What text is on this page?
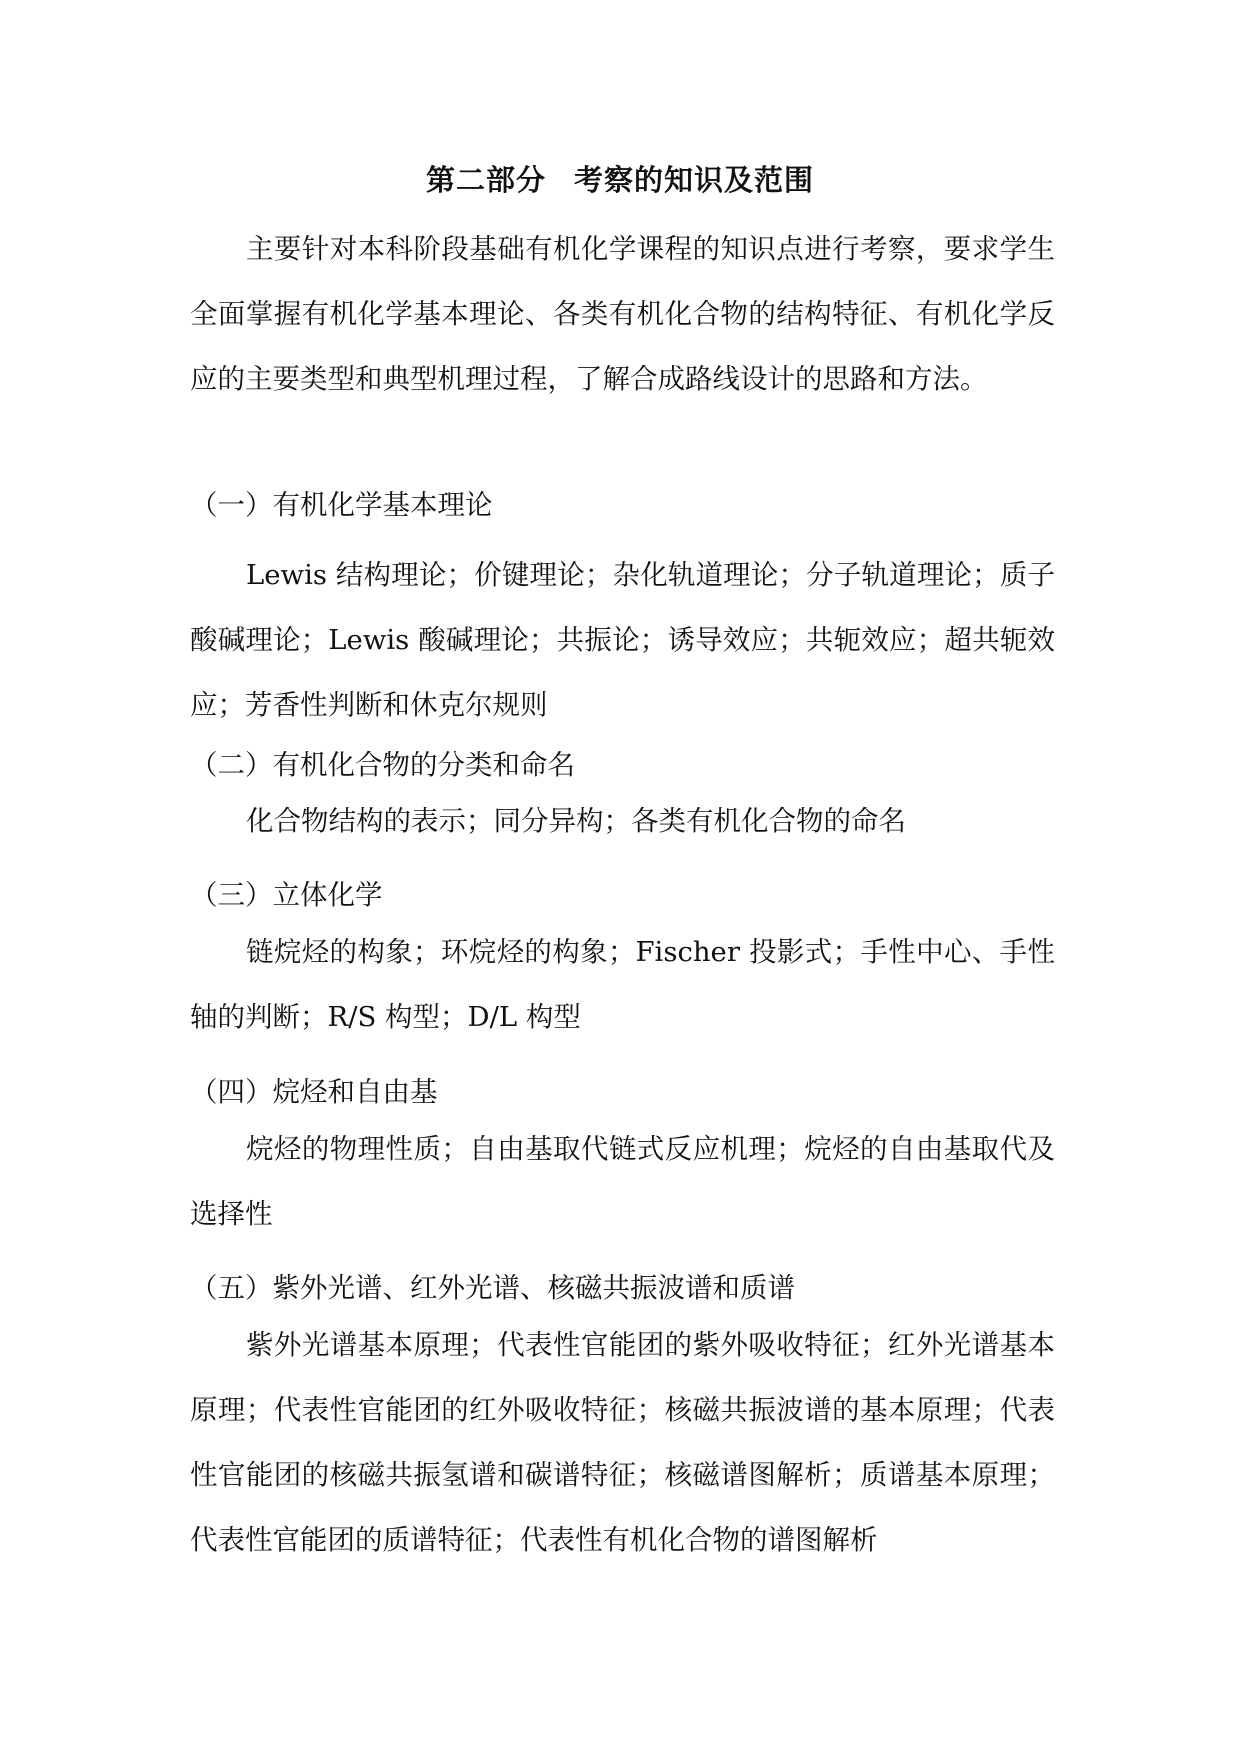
第二部分 考察的知识及范围
主要针对本科阶段基础有机化学课程的知识点进行考察，要求学生全面掌握有机化学基本理论、各类有机化合物的结构特征、有机化学反应的主要类型和典型机理过程，了解合成路线设计的思路和方法。
（一）有机化学基本理论
Lewis 结构理论；价键理论；杂化轨道理论；分子轨道理论；质子酸碱理论；Lewis 酸碱理论；共振论；诱导效应；共轭效应；超共轭效应；芳香性判断和休克尔规则
（二）有机化合物的分类和命名
化合物结构的表示；同分异构；各类有机化合物的命名
（三）立体化学
链烷烃的构象；环烷烃的构象；Fischer 投影式；手性中心、手性轴的判断；R/S 构型；D/L 构型
（四）烷烃和自由基
烷烃的物理性质；自由基取代链式反应机理；烷烃的自由基取代及选择性
（五）紫外光谱、红外光谱、核磁共振波谱和质谱
紫外光谱基本原理；代表性官能团的紫外吸收特征；红外光谱基本原理；代表性官能团的红外吸收特征；核磁共振波谱的基本原理；代表性官能团的核磁共振氢谱和碳谱特征；核磁谱图解析；质谱基本原理；代表性官能团的质谱特征；代表性有机化合物的谱图解析
